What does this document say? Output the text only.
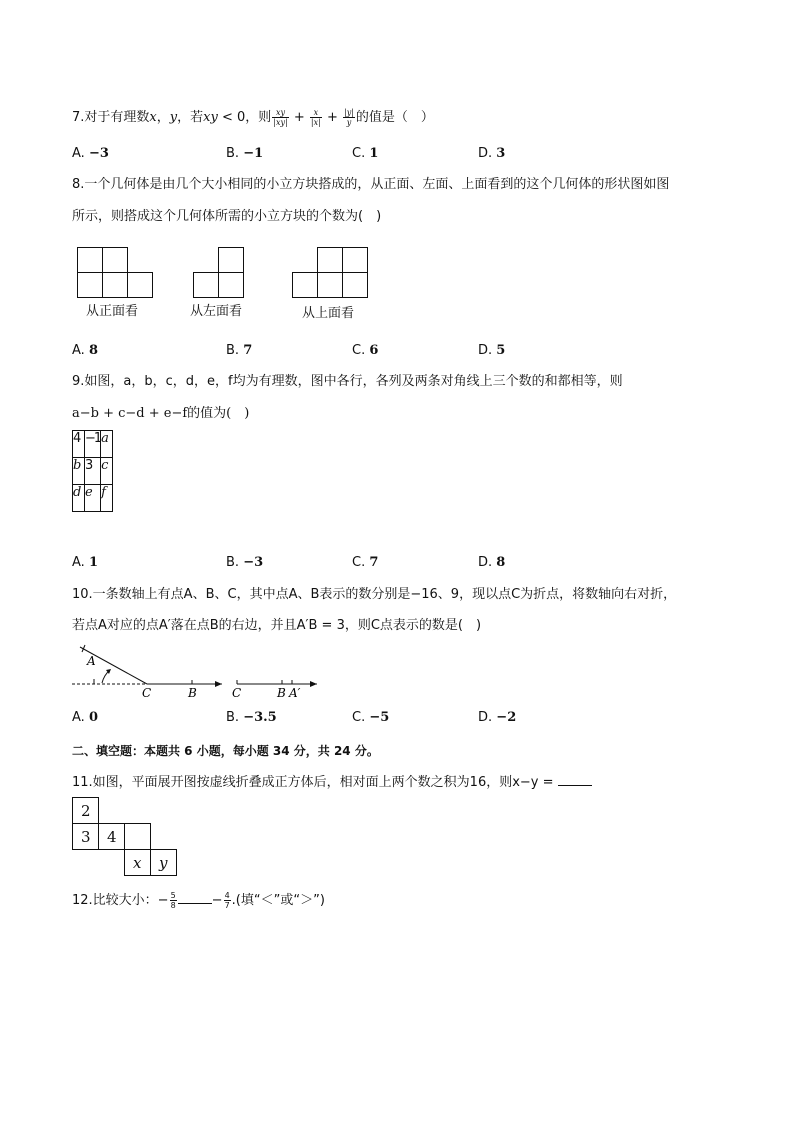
7.对于有理数x，y，若xy < 0，则 $\frac{xy}{|xy|} + \frac{x}{|x|} + \frac{|y|}{y}$ 的值是（　）
A. −3	B. −1	C. 1	D. 3
8.一个几何体是由几个大小相同的小立方块搭成的，从正面、左面、上面看到的这个几何体的形状图如图
所示，则搭成这个几何体所需的小立方块的个数为(　)
从正面看	从左面看	从上面看
A. 8	B. 7	C. 6	D. 5
9.如图，a，b，c，d，e，f均为有理数，图中各行，各列及两条对角线上三个数的和都相等，则
a−b + c−d + e−f的值为(　)
4	−1	a
b	3	c
d	e	f
A. 1	B. −3	C. 7	D. 8
10.一条数轴上有点A、B、C，其中点A、B表示的数分别是−16、9，现以点C为折点，将数轴向右对折，
若点A对应的点A′落在点B的右边，并且A′B = 3，则C点表示的数是(　)
A
C	B	C	B A′
A. 0	B. −3.5	C. −5	D. −2
二、填空题：本题共 6 小题，每小题 34 分，共 24 分。
11.如图，平面展开图按虚线折叠成正方体后，相对面上两个数之积为16，则x−y =
2
3 4
x y
12.比较大小：− $\frac{5}{8}$	− $\frac{4}{7}$ .(填“＜”或“＞”)
